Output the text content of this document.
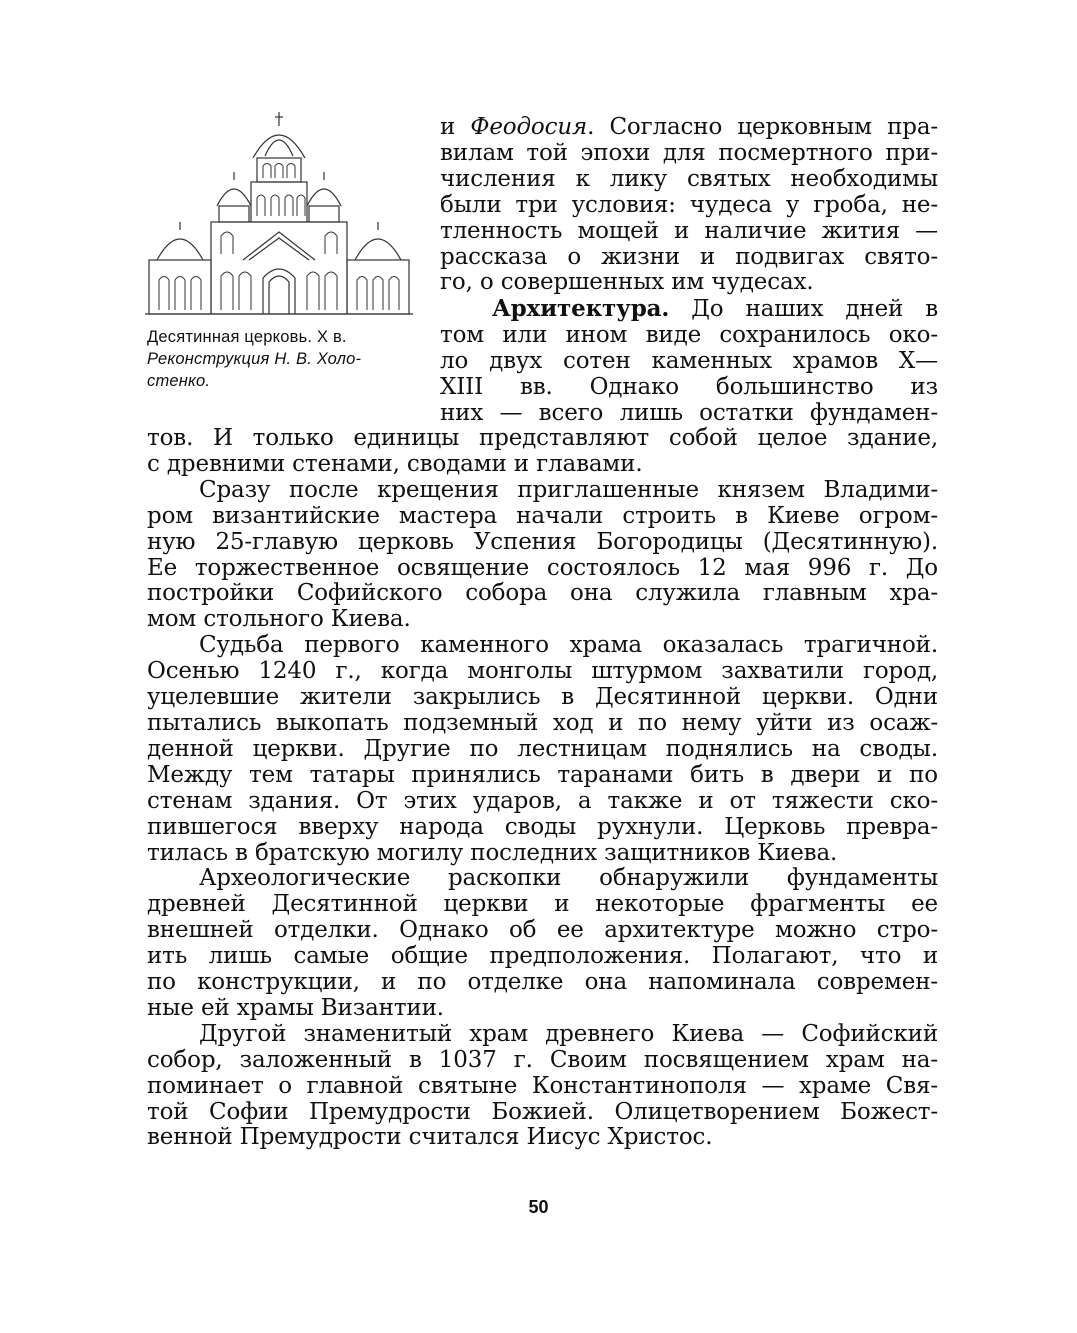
Десятинная церковь. X в.
Реконструкция Н. В. Холо-
стенко.
и Феодосия. Согласно церковным пра-
вилам той эпохи для посмертного при-
числения к лику святых необходимы
были три условия: чудеса у гроба, не-
тленность мощей и наличие жития —
рассказа о жизни и подвигах свято-
го, о совершенных им чудесах.
Архитектура. До наших дней в
том или ином виде сохранилось око-
ло двух сотен каменных храмов X—
XIII вв. Однако большинство из
них — всего лишь остатки фундамен-
тов. И только единицы представляют собой целое здание,
с древними стенами, сводами и главами.
Сразу после крещения приглашенные князем Владими-
ром византийские мастера начали строить в Киеве огром-
ную 25-главую церковь Успения Богородицы (Десятинную).
Ее торжественное освящение состоялось 12 мая 996 г. До
постройки Софийского собора она служила главным хра-
мом стольного Киева.
Судьба первого каменного храма оказалась трагичной.
Осенью 1240 г., когда монголы штурмом захватили город,
уцелевшие жители закрылись в Десятинной церкви. Одни
пытались выкопать подземный ход и по нему уйти из осаж-
денной церкви. Другие по лестницам поднялись на своды.
Между тем татары принялись таранами бить в двери и по
стенам здания. От этих ударов, а также и от тяжести ско-
пившегося вверху народа своды рухнули. Церковь превра-
тилась в братскую могилу последних защитников Киева.
Археологические раскопки обнаружили фундаменты
древней Десятинной церкви и некоторые фрагменты ее
внешней отделки. Однако об ее архитектуре можно стро-
ить лишь самые общие предположения. Полагают, что и
по конструкции, и по отделке она напоминала современ-
ные ей храмы Византии.
Другой знаменитый храм древнего Киева — Софийский
собор, заложенный в 1037 г. Своим посвящением храм на-
поминает о главной святыне Константинополя — храме Свя-
той Софии Премудрости Божией. Олицетворением Божест-
венной Премудрости считался Иисус Христос.
50
